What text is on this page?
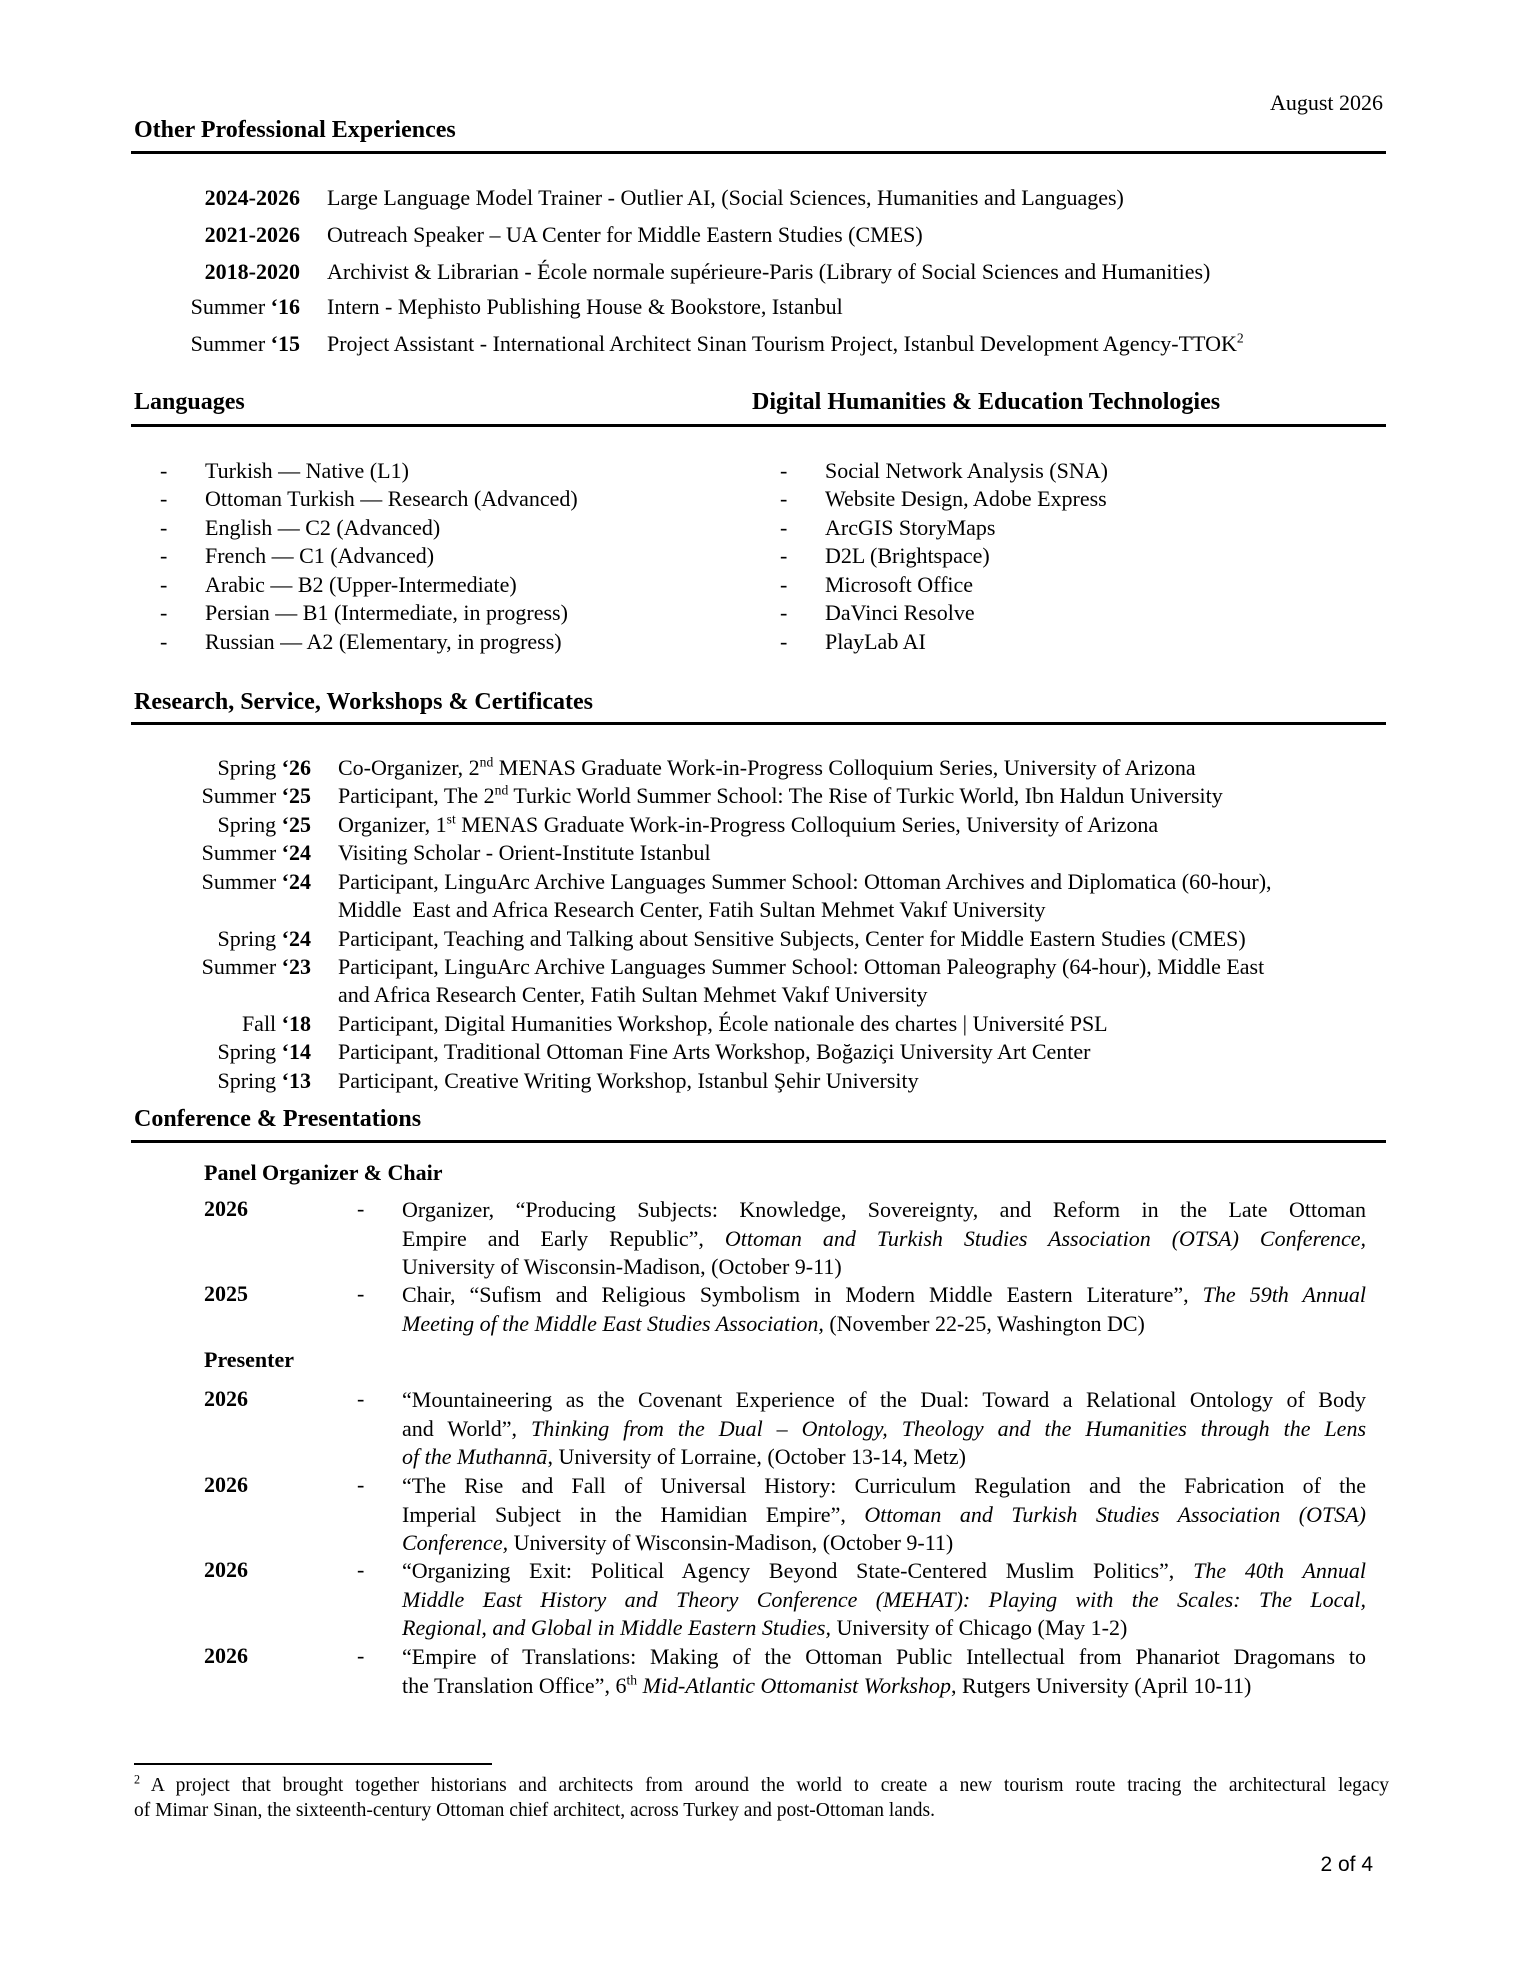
August 2026
Other Professional Experiences
2024-2026 Large Language Model Trainer - Outlier AI, (Social Sciences, Humanities and Languages)
2021-2026 Outreach Speaker – UA Center for Middle Eastern Studies (CMES)
2018-2020 Archivist & Librarian - École normale supérieure-Paris (Library of Social Sciences and Humanities)
Summer ‘16 Intern - Mephisto Publishing House & Bookstore, Istanbul
Summer ‘15 Project Assistant - International Architect Sinan Tourism Project, Istanbul Development Agency-TTOK$^2$
Languages	Digital Humanities & Education Technologies
- Turkish — Native (L1)
- Ottoman Turkish — Research (Advanced)
- English — C2 (Advanced)
- French — C1 (Advanced)
- Arabic — B2 (Upper-Intermediate)
- Persian — B1 (Intermediate, in progress)
- Russian — A2 (Elementary, in progress)
- Social Network Analysis (SNA)
- Website Design, Adobe Express
- ArcGIS StoryMaps
- D2L (Brightspace)
- Microsoft Office
- DaVinci Resolve
- PlayLab AI
Research, Service, Workshops & Certificates
Spring ‘26 Co-Organizer, 2nd MENAS Graduate Work-in-Progress Colloquium Series, University of Arizona
Summer ‘25 Participant, The 2nd Turkic World Summer School: The Rise of Turkic World, Ibn Haldun University
Spring ‘25 Organizer, 1st MENAS Graduate Work-in-Progress Colloquium Series, University of Arizona
Summer ‘24 Visiting Scholar - Orient-Institute Istanbul
Summer ‘24 Participant, LinguArc Archive Languages Summer School: Ottoman Archives and Diplomatica (60-hour),
Middle  East and Africa Research Center, Fatih Sultan Mehmet Vakıf University
Spring ‘24 Participant, Teaching and Talking about Sensitive Subjects, Center for Middle Eastern Studies (CMES)
Summer ‘23 Participant, LinguArc Archive Languages Summer School: Ottoman Paleography (64-hour), Middle East
and Africa Research Center, Fatih Sultan Mehmet Vakıf University
Fall ‘18 Participant, Digital Humanities Workshop, École nationale des chartes | Université PSL
Spring ‘14 Participant, Traditional Ottoman Fine Arts Workshop, Boğaziçi University Art Center
Spring ‘13 Participant, Creative Writing Workshop, Istanbul Şehir University
Conference & Presentations
Panel Organizer & Chair
2026	- Organizer, “Producing Subjects: Knowledge, Sovereignty, and Reform in the Late Ottoman
Empire and Early Republic”, Ottoman and Turkish Studies Association (OTSA) Conference,
University of Wisconsin-Madison, (October 9-11)
2025	- Chair, “Sufism and Religious Symbolism in Modern Middle Eastern Literature”, The 59th Annual
Meeting of the Middle East Studies Association, (November 22-25, Washington DC)
Presenter
2026	- “Mountaineering as the Covenant Experience of the Dual: Toward a Relational Ontology of Body
and World”, Thinking from the Dual – Ontology, Theology and the Humanities through the Lens
of the Muthannā, University of Lorraine, (October 13-14, Metz)
2026	- “The Rise and Fall of Universal History: Curriculum Regulation and the Fabrication of the
Imperial Subject in the Hamidian Empire”, Ottoman and Turkish Studies Association (OTSA)
Conference, University of Wisconsin-Madison, (October 9-11)
2026	- “Organizing Exit: Political Agency Beyond State-Centered Muslim Politics”, The 40th Annual
Middle East History and Theory Conference (MEHAT): Playing with the Scales: The Local,
Regional, and Global in Middle Eastern Studies, University of Chicago (May 1-2)
2026	- “Empire of Translations: Making of the Ottoman Public Intellectual from Phanariot Dragomans to
the Translation Office”, 6th Mid-Atlantic Ottomanist Workshop, Rutgers University (April 10-11)
$^2$ A project that brought together historians and architects from around the world to create a new tourism route tracing the architectural legacy
of Mimar Sinan, the sixteenth-century Ottoman chief architect, across Turkey and post-Ottoman lands.
2 of 4
